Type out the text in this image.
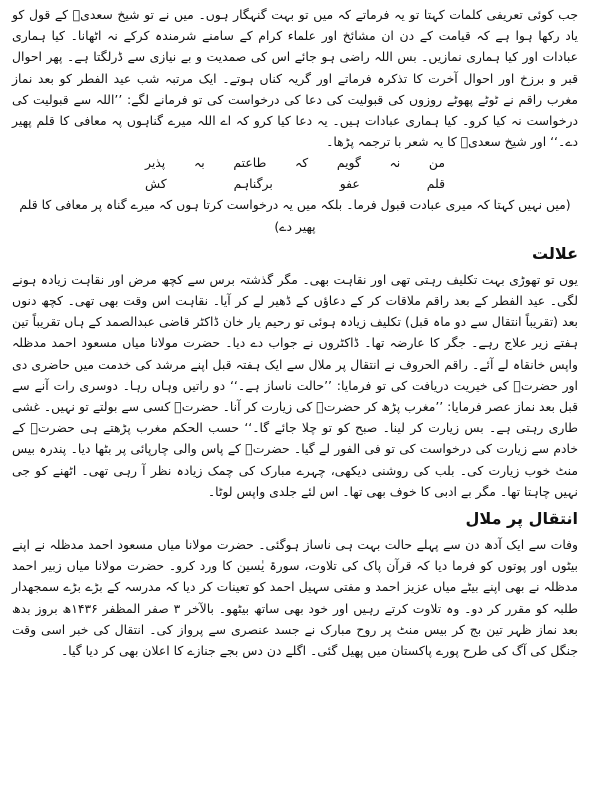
جب کوئی تعریفی کلمات کہتا تو یہ فرماتے کہ میں تو بہت گنہگار ہوں۔ میں نے تو شیخ سعدیؒ کے قول کو یاد رکھا ہوا ہے کہ قیامت کے دن ان مشائخ اور علماء کرام کے سامنے شرمندہ کرکے نہ اٹھانا۔ کیا ہماری عبادات اور کیا ہماری نمازیں۔ بس اللہ راضی ہو جائے اس کی صمدیت و بے نیازی سے ڈرلگتا ہے۔ پھر احوال قبر و برزخ اور احوال آخرت کا تذکرہ فرماتے اور گریہ کناں ہوتے۔ ایک مرتبہ شب عید الفطر کو بعد نماز مغرب راقم نے ٹوٹے پھوٹے روزوں کی قبولیت کی دعا کی درخواست کی تو فرمانے لگے: ’’اللہ سے قبولیت کی درخواست نہ کیا کرو۔ کیا ہماری عبادات ہیں۔ یہ دعا کیا کرو کہ اے اللہ میرے گناہوں پہ معافی کا قلم پھیر دے۔‘‘ اور شیخ سعدیؒ کا یہ شعر با ترجمہ پڑھا۔

من
نہ
گویم
کہ
طاعتم
بہ
پذیر
قلم
عفو
برگناہم
کش

(میں نہیں کہتا کہ میری عبادت قبول فرما۔ بلکہ میں یہ درخواست کرتا ہوں کہ میرے گناہ پر معافی کا قلم پھیر دے)

علالت

یوں تو تھوڑی بہت تکلیف رہتی تھی اور نقاہت بھی۔ مگر گذشتہ برس سے کچھ مرض اور نقاہت زیادہ ہونے لگی۔ عید الفطر کے بعد راقم ملاقات کر کے دعاؤں کے ڈھیر لے کر آیا۔ نقاہت اس وقت بھی تھی۔ کچھ دنوں بعد (تقریباً انتقال سے دو ماہ قبل) تکلیف زیادہ ہوئی تو رحیم یار خان ڈاکٹر قاضی عبدالصمد کے ہاں تقریباً تین ہفتے زیر علاج رہے۔ جگر کا عارضہ تھا۔ ڈاکٹروں نے جواب دے دیا۔ حضرت مولانا میاں مسعود احمد مدظلہ واپس خانقاہ لے آئے۔ راقم الحروف نے انتقال پر ملال سے ایک ہفتہ قبل اپنے مرشد کی خدمت میں حاضری دی اور حضرتؒ کی خیریت دریافت کی تو فرمایا: ’’حالت ناساز ہے۔‘‘ دو راتیں وہاں رہا۔ دوسری رات آنے سے قبل بعد نماز عصر فرمایا: ’’مغرب پڑھ کر حضرتؒ کی زیارت کر آنا۔ حضرتؒ کسی سے بولتے تو نہیں۔ غشی طاری رہتی ہے۔ بس زیارت کر لینا۔ صبح کو تو چلا جائے گا۔‘‘ حسب الحکم مغرب پڑھتے ہی حضرتؒ کے خادم سے زیارت کی درخواست کی تو فی الفور لے گیا۔ حضرتؒ کے پاس والی چارپائی پر بٹھا دیا۔ پندرہ بیس منٹ خوب زیارت کی۔ بلب کی روشنی دیکھی، چہرے مبارک کی چمک زیادہ نظر آ رہی تھی۔ اٹھنے کو جی نہیں چاہتا تھا۔ مگر بے ادبی کا خوف بھی تھا۔ اس لئے جلدی واپس لوٹا۔

انتقال پر ملال

وفات سے ایک آدھ دن سے پہلے حالت بہت ہی ناساز ہوگئی۔ حضرت مولانا میاں مسعود احمد مدظلہ نے اپنے بیٹوں اور پوتوں کو فرما دیا کہ قرآن پاک کی تلاوت، سورۃ یٰسین کا ورد کرو۔ حضرت مولانا میاں زبیر احمد مدظلہ نے بھی اپنے بیٹے میاں عزیز احمد و مفتی سہیل احمد کو تعینات کر دیا کہ مدرسہ کے بڑے بڑے سمجھدار طلبہ کو مقرر کر دو۔ وہ تلاوت کرتے رہیں اور خود بھی ساتھ بیٹھو۔ بالآخر ۳ صفر المظفر ۱۴۳۶ھ بروز بدھ بعد نماز ظہر تین بج کر بیس منٹ پر روح مبارک نے جسد عنصری سے پرواز کی۔ انتقال کی خبر اسی وقت جنگل کی آگ کی طرح پورے پاکستان میں پھیل گئی۔ اگلے دن دس بجے جنازے کا اعلان بھی کر دیا گیا۔
